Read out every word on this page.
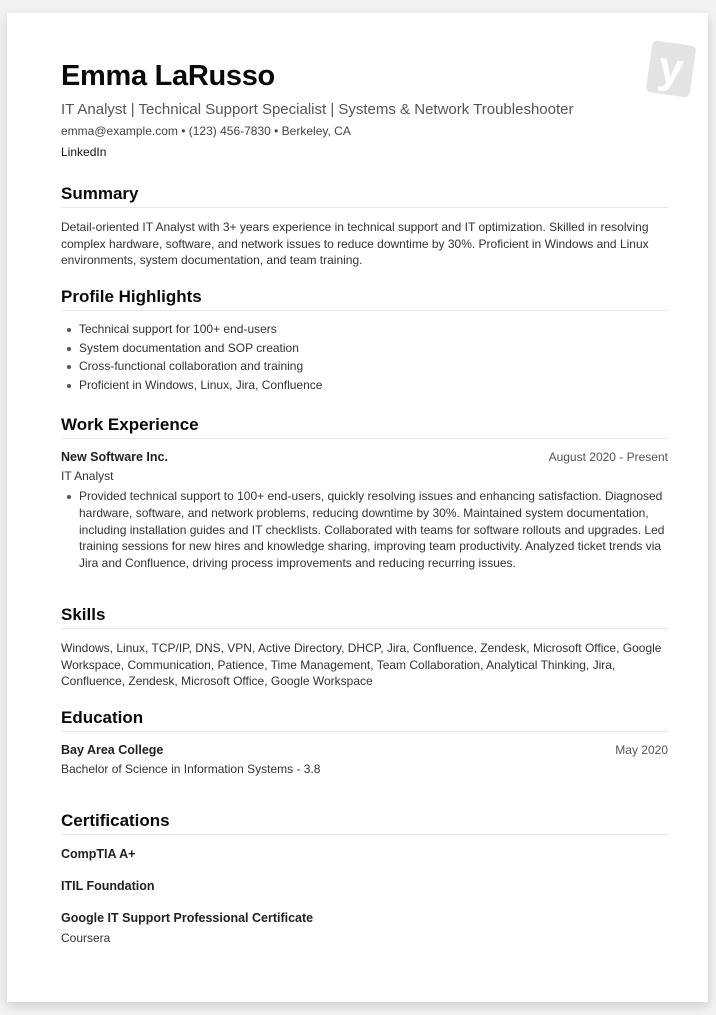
y
Emma LaRusso
IT Analyst | Technical Support Specialist | Systems & Network Troubleshooter
emma@example.com • (123) 456-7830 • Berkeley, CA
LinkedIn
Summary

Detail-oriented IT Analyst with 3+ years experience in technical support and IT optimization. Skilled in resolving complex hardware, software, and network issues to reduce downtime by 30%. Proficient in Windows and Linux environments, system documentation, and team training.

Profile Highlights
Technical support for 100+ end-users
System documentation and SOP creation
Cross-functional collaboration and training
Proficient in Windows, Linux, Jira, Confluence
Work Experience
New Software Inc.	August 2020 - Present
IT Analyst
Provided technical support to 100+ end-users, quickly resolving issues and enhancing satisfaction. Diagnosed hardware, software, and network problems, reducing downtime by 30%. Maintained system documentation, including installation guides and IT checklists. Collaborated with teams for software rollouts and upgrades. Led training sessions for new hires and knowledge sharing, improving team productivity. Analyzed ticket trends via Jira and Confluence, driving process improvements and reducing recurring issues.
Skills

Windows, Linux, TCP/IP, DNS, VPN, Active Directory, DHCP, Jira, Confluence, Zendesk, Microsoft Office, Google Workspace, Communication, Patience, Time Management, Team Collaboration, Analytical Thinking, Jira, Confluence, Zendesk, Microsoft Office, Google Workspace

Education
Bay Area College	May 2020
Bachelor of Science in Information Systems - 3.8
Certifications
CompTIA A+
ITIL Foundation
Google IT Support Professional Certificate
Coursera
